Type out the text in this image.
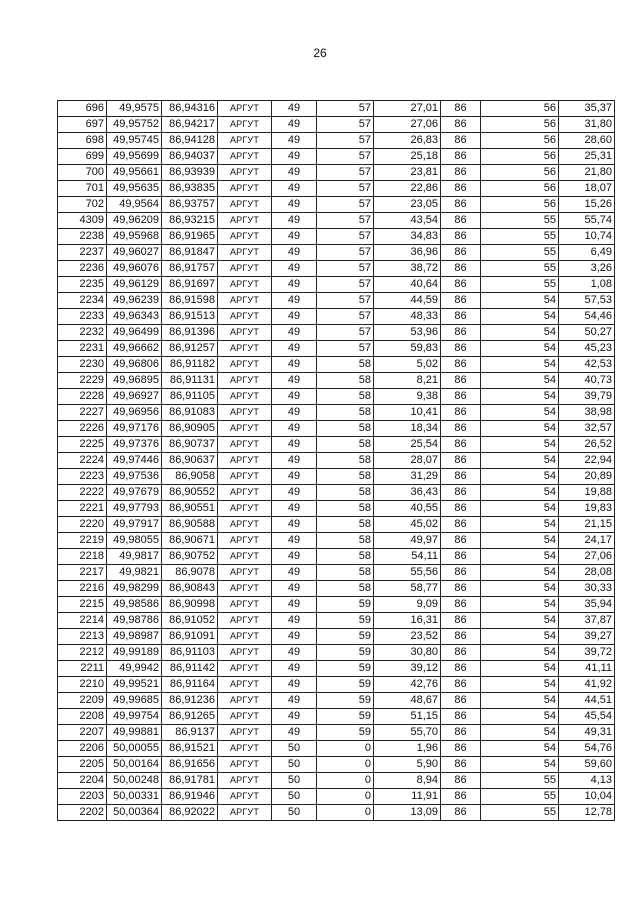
26
696	49,9575	86,94316	АРГУТ	49	57	27,01	86	56	35,37
697	49,95752	86,94217	АРГУТ	49	57	27,06	86	56	31,80
698	49,95745	86,94128	АРГУТ	49	57	26,83	86	56	28,60
699	49,95699	86,94037	АРГУТ	49	57	25,18	86	56	25,31
700	49,95661	86,93939	АРГУТ	49	57	23,81	86	56	21,80
701	49,95635	86,93835	АРГУТ	49	57	22,86	86	56	18,07
702	49,9564	86,93757	АРГУТ	49	57	23,05	86	56	15,26
4309	49,96209	86,93215	АРГУТ	49	57	43,54	86	55	55,74
2238	49,95968	86,91965	АРГУТ	49	57	34,83	86	55	10,74
2237	49,96027	86,91847	АРГУТ	49	57	36,96	86	55	6,49
2236	49,96076	86,91757	АРГУТ	49	57	38,72	86	55	3,26
2235	49,96129	86,91697	АРГУТ	49	57	40,64	86	55	1,08
2234	49,96239	86,91598	АРГУТ	49	57	44,59	86	54	57,53
2233	49,96343	86,91513	АРГУТ	49	57	48,33	86	54	54,46
2232	49,96499	86,91396	АРГУТ	49	57	53,96	86	54	50,27
2231	49,96662	86,91257	АРГУТ	49	57	59,83	86	54	45,23
2230	49,96806	86,91182	АРГУТ	49	58	5,02	86	54	42,53
2229	49,96895	86,91131	АРГУТ	49	58	8,21	86	54	40,73
2228	49,96927	86,91105	АРГУТ	49	58	9,38	86	54	39,79
2227	49,96956	86,91083	АРГУТ	49	58	10,41	86	54	38,98
2226	49,97176	86,90905	АРГУТ	49	58	18,34	86	54	32,57
2225	49,97376	86,90737	АРГУТ	49	58	25,54	86	54	26,52
2224	49,97446	86,90637	АРГУТ	49	58	28,07	86	54	22,94
2223	49,97536	86,9058	АРГУТ	49	58	31,29	86	54	20,89
2222	49,97679	86,90552	АРГУТ	49	58	36,43	86	54	19,88
2221	49,97793	86,90551	АРГУТ	49	58	40,55	86	54	19,83
2220	49,97917	86,90588	АРГУТ	49	58	45,02	86	54	21,15
2219	49,98055	86,90671	АРГУТ	49	58	49,97	86	54	24,17
2218	49,9817	86,90752	АРГУТ	49	58	54,11	86	54	27,06
2217	49,9821	86,9078	АРГУТ	49	58	55,56	86	54	28,08
2216	49,98299	86,90843	АРГУТ	49	58	58,77	86	54	30,33
2215	49,98586	86,90998	АРГУТ	49	59	9,09	86	54	35,94
2214	49,98786	86,91052	АРГУТ	49	59	16,31	86	54	37,87
2213	49,98987	86,91091	АРГУТ	49	59	23,52	86	54	39,27
2212	49,99189	86,91103	АРГУТ	49	59	30,80	86	54	39,72
2211	49,9942	86,91142	АРГУТ	49	59	39,12	86	54	41,11
2210	49,99521	86,91164	АРГУТ	49	59	42,76	86	54	41,92
2209	49,99685	86,91236	АРГУТ	49	59	48,67	86	54	44,51
2208	49,99754	86,91265	АРГУТ	49	59	51,15	86	54	45,54
2207	49,99881	86,9137	АРГУТ	49	59	55,70	86	54	49,31
2206	50,00055	86,91521	АРГУТ	50	0	1,96	86	54	54,76
2205	50,00164	86,91656	АРГУТ	50	0	5,90	86	54	59,60
2204	50,00248	86,91781	АРГУТ	50	0	8,94	86	55	4,13
2203	50,00331	86,91946	АРГУТ	50	0	11,91	86	55	10,04
2202	50,00364	86,92022	АРГУТ	50	0	13,09	86	55	12,78
